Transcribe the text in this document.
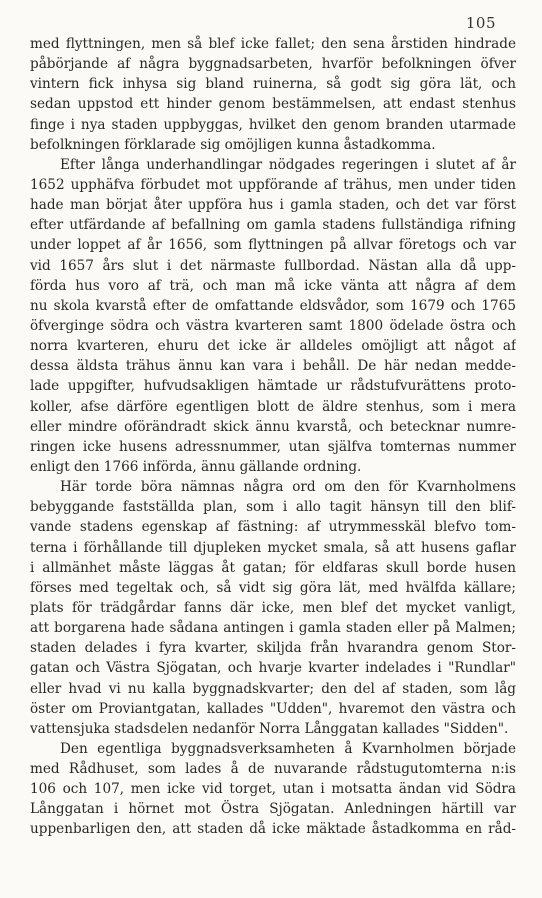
105
med flyttningen, men så blef icke fallet; den sena årstiden hindrade
påbörjande af några byggnadsarbeten, hvarför befolkningen öfver
vintern fick inhysa sig bland ruinerna, så godt sig göra lät, och
sedan uppstod ett hinder genom bestämmelsen, att endast stenhus
finge i nya staden uppbyggas, hvilket den genom branden utarmade
befolkningen förklarade sig omöjligen kunna åstadkomma.
Efter långa underhandlingar nödgades regeringen i slutet af år
1652 upphäfva förbudet mot uppförande af trähus, men under tiden
hade man börjat åter uppföra hus i gamla staden, och det var först
efter utfärdande af befallning om gamla stadens fullständiga rifning
under loppet af år 1656, som flyttningen på allvar företogs och var
vid 1657 års slut i det närmaste fullbordad. Nästan alla då upp-
förda hus voro af trä, och man må icke vänta att några af dem
nu skola kvarstå efter de omfattande eldsvådor, som 1679 och 1765
öfverginge södra och västra kvarteren samt 1800 ödelade östra och
norra kvarteren, ehuru det icke är alldeles omöjligt att något af
dessa äldsta trähus ännu kan vara i behåll. De här nedan medde-
lade uppgifter, hufvudsakligen hämtade ur rådstufvurättens proto-
koller, afse därföre egentligen blott de äldre stenhus, som i mera
eller mindre oförändradt skick ännu kvarstå, och betecknar numre-
ringen icke husens adressnummer, utan själfva tomternas nummer
enligt den 1766 införda, ännu gällande ordning.
Här torde böra nämnas några ord om den för Kvarnholmens
bebyggande fastställda plan, som i allo tagit hänsyn till den blif-
vande stadens egenskap af fästning: af utrymmesskäl blefvo tom-
terna i förhållande till djupleken mycket smala, så att husens gaflar
i allmänhet måste läggas åt gatan; för eldfaras skull borde husen
förses med tegeltak och, så vidt sig göra lät, med hvälfda källare;
plats för trädgårdar fanns där icke, men blef det mycket vanligt,
att borgarena hade sådana antingen i gamla staden eller på Malmen;
staden delades i fyra kvarter, skiljda från hvarandra genom Stor-
gatan och Västra Sjögatan, och hvarje kvarter indelades i "Rundlar"
eller hvad vi nu kalla byggnadskvarter; den del af staden, som låg
öster om Proviantgatan, kallades "Udden", hvaremot den västra och
vattensjuka stadsdelen nedanför Norra Långgatan kallades "Sidden".
Den egentliga byggnadsverksamheten å Kvarnholmen började
med Rådhuset, som lades å de nuvarande rådstugutomterna n:is
106 och 107, men icke vid torget, utan i motsatta ändan vid Södra
Långgatan i hörnet mot Östra Sjögatan. Anledningen härtill var
uppenbarligen den, att staden då icke mäktade åstadkomma en råd-
